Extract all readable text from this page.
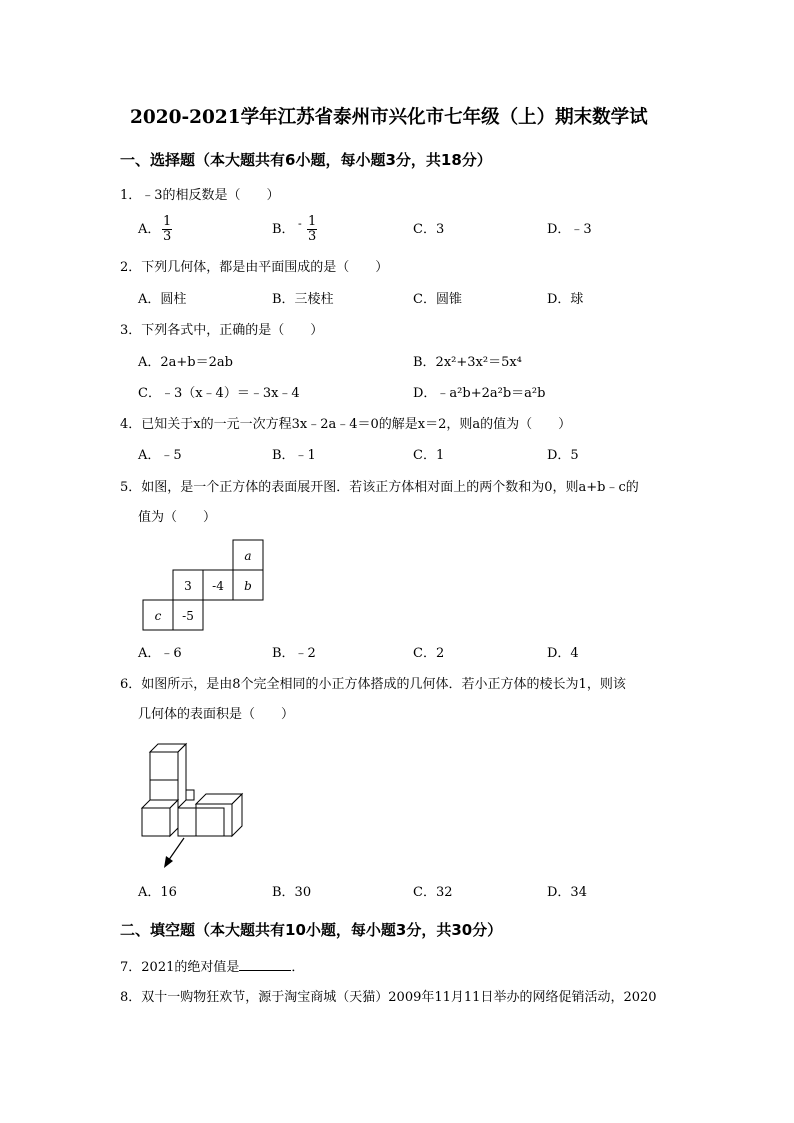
2020-2021学年江苏省泰州市兴化市七年级（上）期末数学试
一、选择题（本大题共有6小题，每小题3分，共18分）
1．﹣3的相反数是（　　）
A． $\frac{1}{3}$	B． - $\frac{1}{3}$	C．3	D．﹣3
2．下列几何体，都是由平面围成的是（　　）
A．圆柱	B．三棱柱	C．圆锥	D．球
3．下列各式中，正确的是（　　）
A．2a+b＝2ab	B．2x²+3x²＝5x⁴
C．﹣3（x﹣4）＝﹣3x﹣4	D．﹣a²b+2a²b＝a²b
4．已知关于x的一元一次方程3x﹣2a﹣4＝0的解是x＝2，则a的值为（　　）
A．﹣5	B．﹣1	C．1	D．5
5．如图，是一个正方体的表面展开图．若该正方体相对面上的两个数和为0，则a+b﹣c的
值为（　　）
a
3 -4 b
c -5
A．﹣6	B．﹣2	C．2	D．4
6．如图所示，是由8个完全相同的小正方体搭成的几何体．若小正方体的棱长为1，则该
几何体的表面积是（　　）
A．16	B．30	C．32	D．34
二、填空题（本大题共有10小题，每小题3分，共30分）
7．2021的绝对值是	．
8．双十一购物狂欢节，源于淘宝商城（天猫）2009年11月11日举办的网络促销活动，2020
